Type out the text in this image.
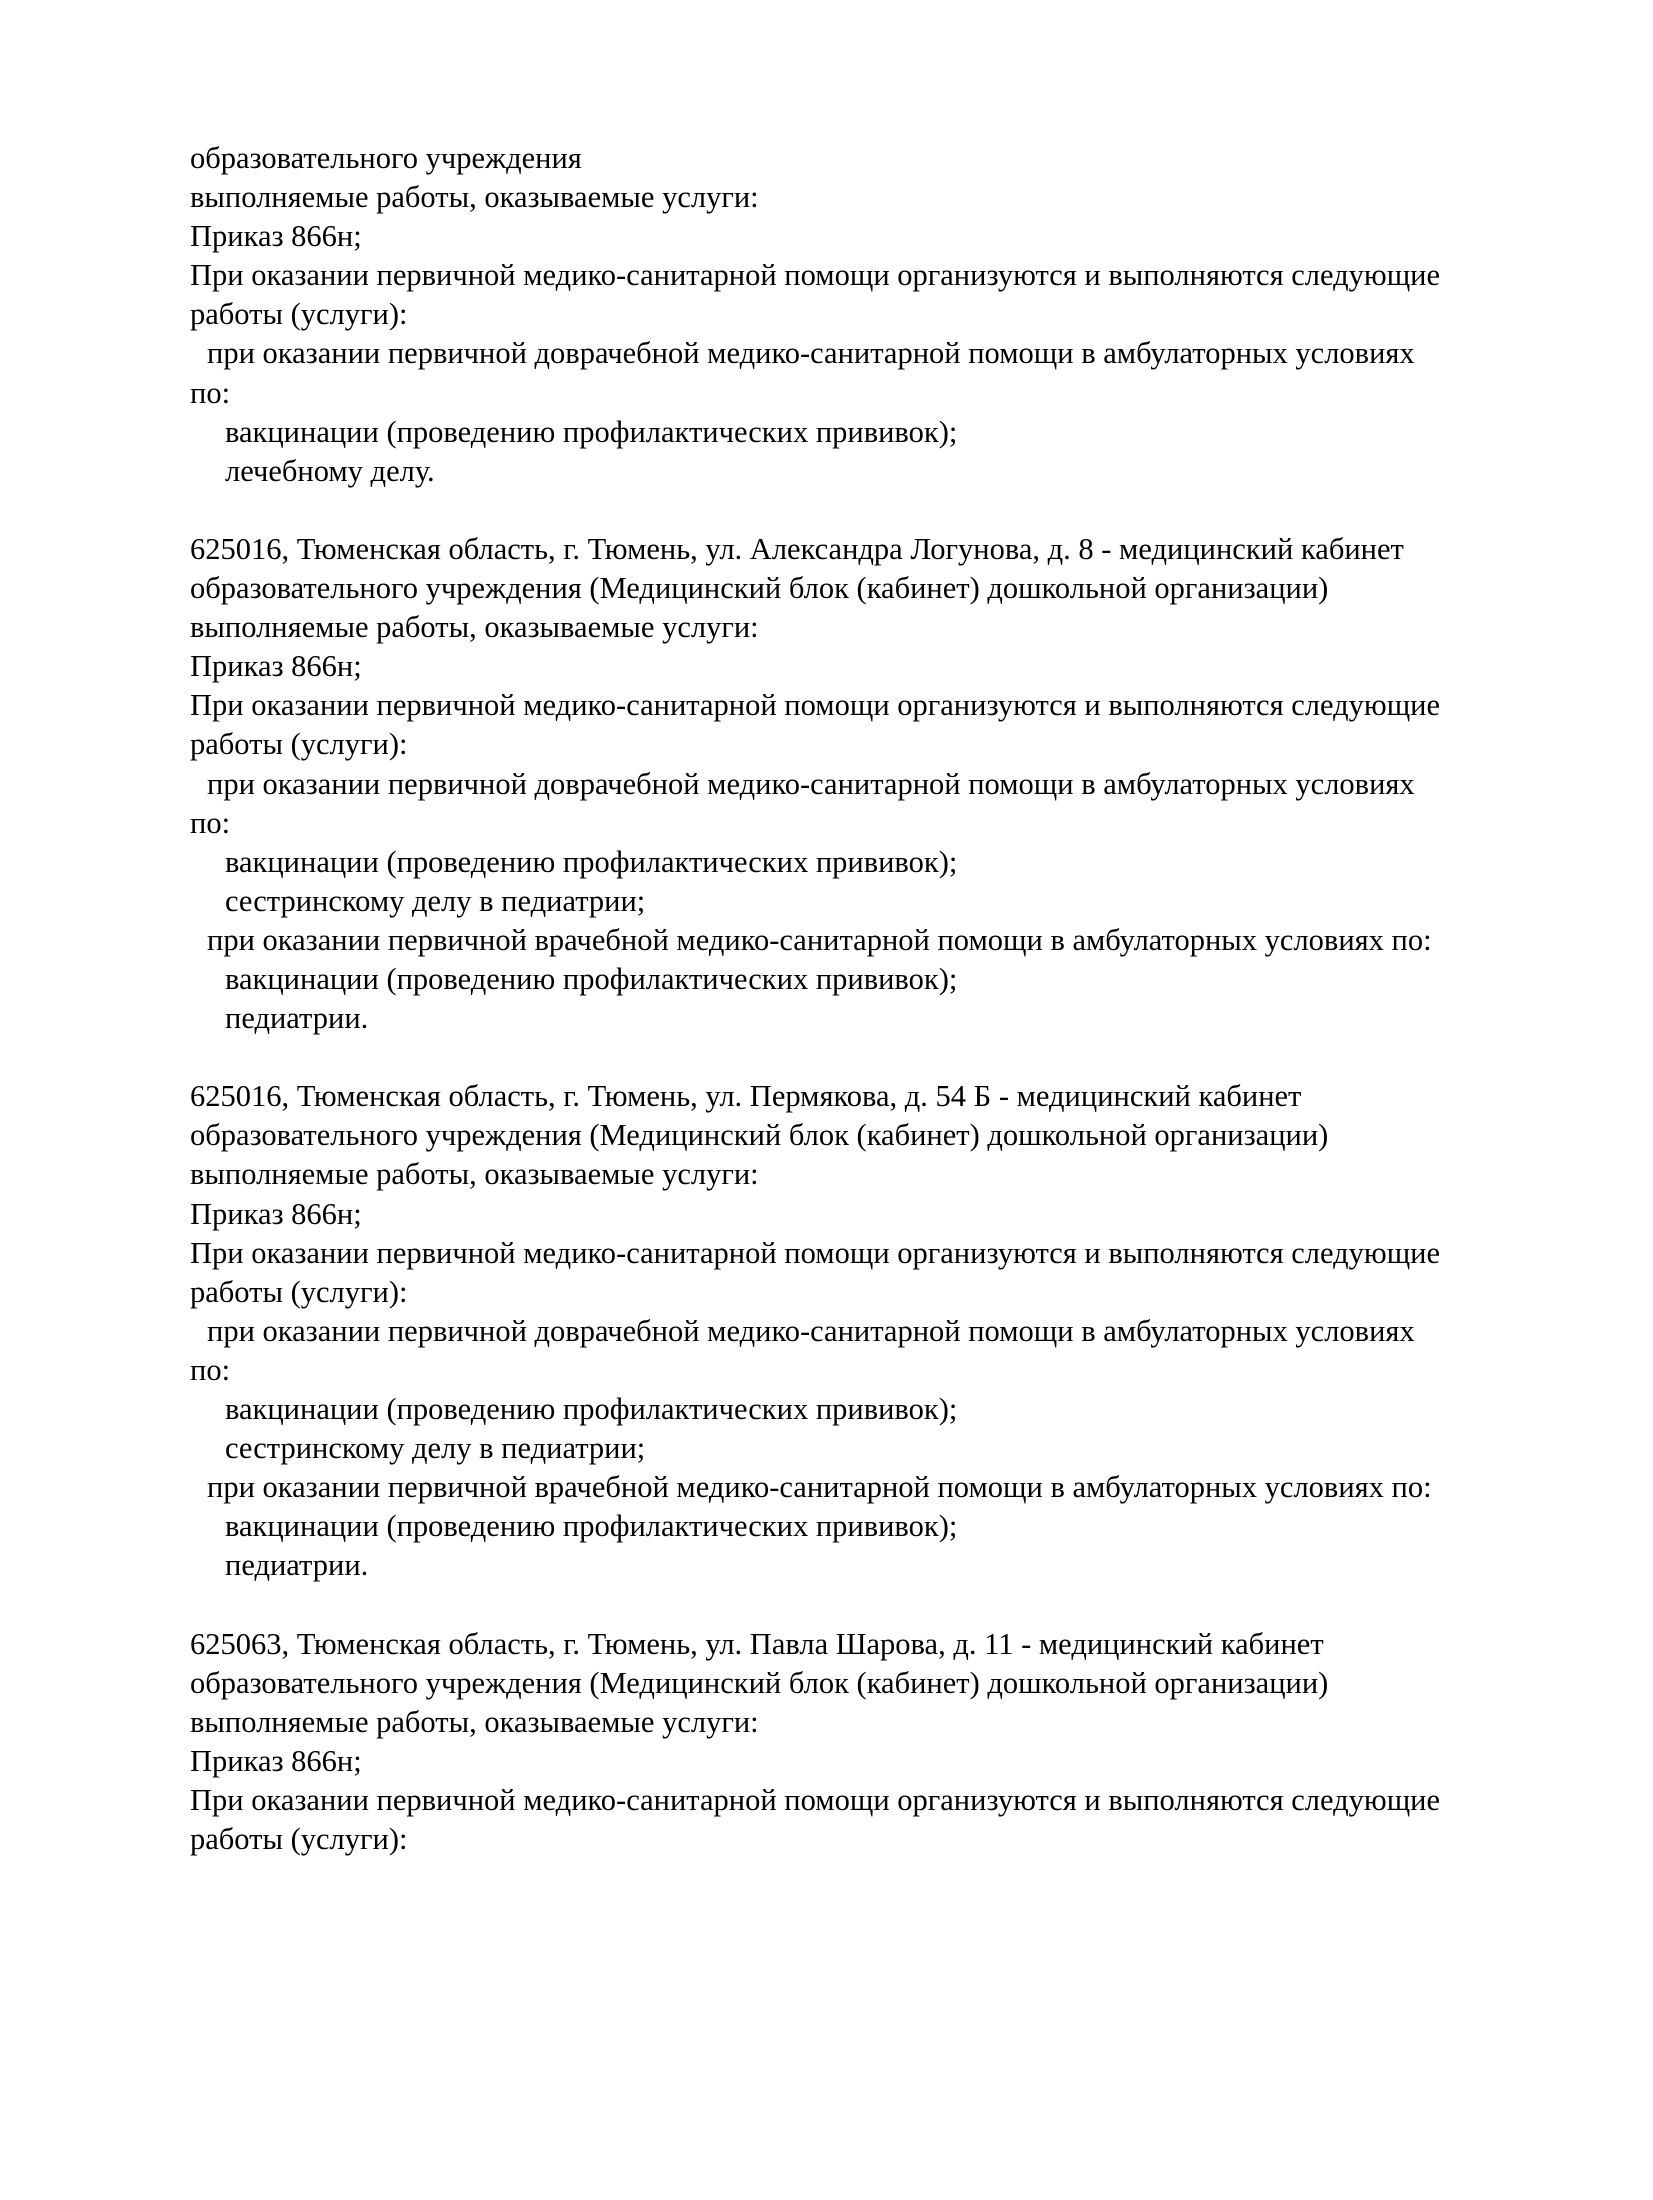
образовательного учреждения
выполняемые работы, оказываемые услуги:
Приказ 866н;
При оказании первичной медико-санитарной помощи организуются и выполняются следующие
работы (услуги):
при оказании первичной доврачебной медико-санитарной помощи в амбулаторных условиях
по:
вакцинации (проведению профилактических прививок);
лечебному делу.
625016, Тюменская область, г. Тюмень, ул. Александра Логунова, д. 8 - медицинский кабинет
образовательного учреждения (Медицинский блок (кабинет) дошкольной организации)
выполняемые работы, оказываемые услуги:
Приказ 866н;
При оказании первичной медико-санитарной помощи организуются и выполняются следующие
работы (услуги):
при оказании первичной доврачебной медико-санитарной помощи в амбулаторных условиях
по:
вакцинации (проведению профилактических прививок);
сестринскому делу в педиатрии;
при оказании первичной врачебной медико-санитарной помощи в амбулаторных условиях по:
вакцинации (проведению профилактических прививок);
педиатрии.
625016, Тюменская область, г. Тюмень, ул. Пермякова, д. 54 Б - медицинский кабинет
образовательного учреждения (Медицинский блок (кабинет) дошкольной организации)
выполняемые работы, оказываемые услуги:
Приказ 866н;
При оказании первичной медико-санитарной помощи организуются и выполняются следующие
работы (услуги):
при оказании первичной доврачебной медико-санитарной помощи в амбулаторных условиях
по:
вакцинации (проведению профилактических прививок);
сестринскому делу в педиатрии;
при оказании первичной врачебной медико-санитарной помощи в амбулаторных условиях по:
вакцинации (проведению профилактических прививок);
педиатрии.
625063, Тюменская область, г. Тюмень, ул. Павла Шарова, д. 11 - медицинский кабинет
образовательного учреждения (Медицинский блок (кабинет) дошкольной организации)
выполняемые работы, оказываемые услуги:
Приказ 866н;
При оказании первичной медико-санитарной помощи организуются и выполняются следующие
работы (услуги):
